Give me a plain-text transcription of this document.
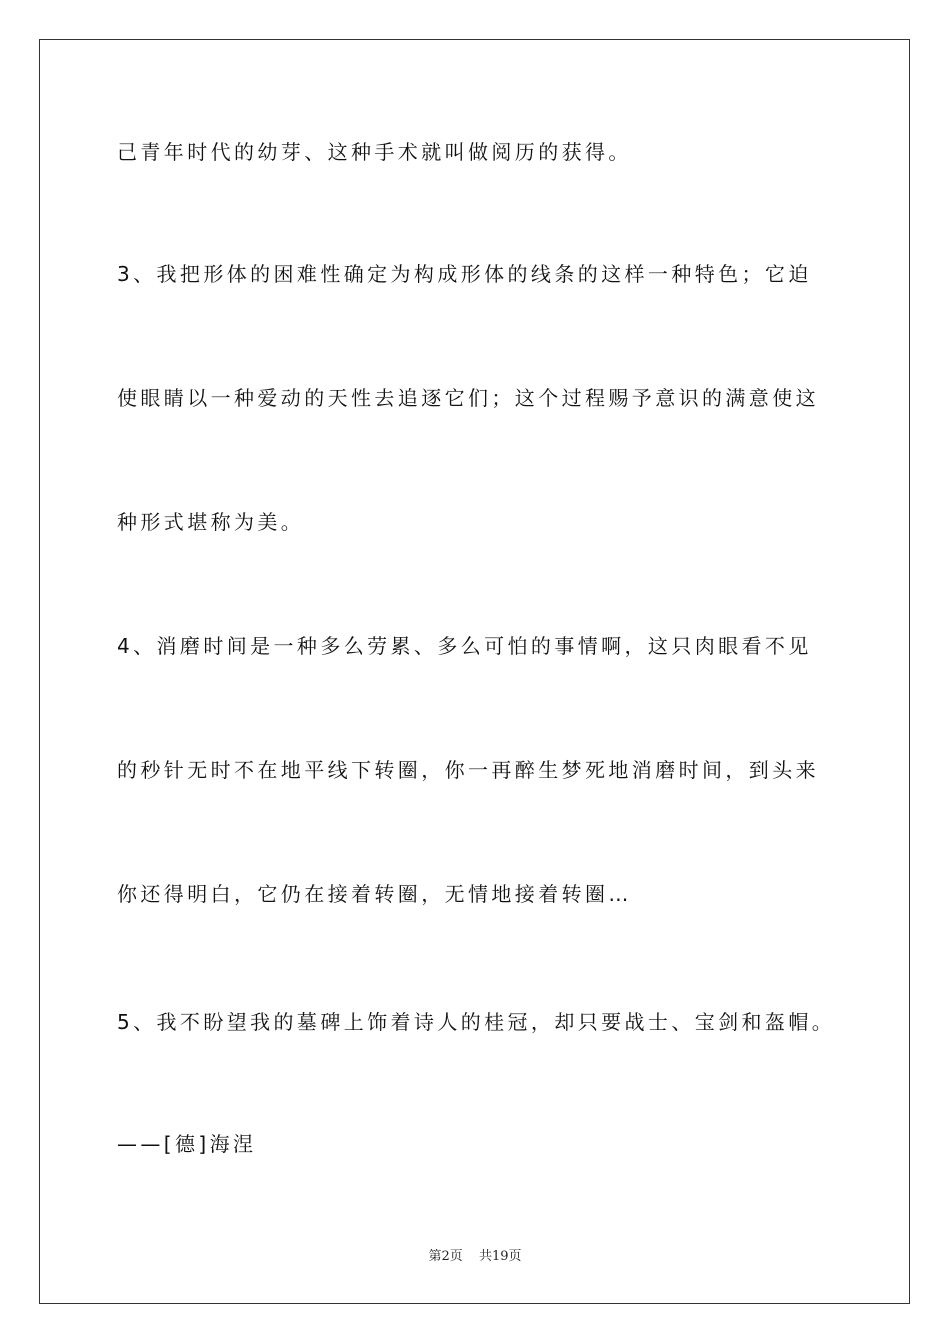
己青年时代的幼芽、这种手术就叫做阅历的获得。
3、我把形体的困难性确定为构成形体的线条的这样一种特色；它迫
使眼睛以一种爱动的天性去追逐它们；这个过程赐予意识的满意使这
种形式堪称为美。
4、消磨时间是一种多么劳累、多么可怕的事情啊，这只肉眼看不见
的秒针无时不在地平线下转圈，你一再醉生梦死地消磨时间，到头来
你还得明白，它仍在接着转圈，无情地接着转圈…
5、我不盼望我的墓碑上饰着诗人的桂冠，却只要战士、宝剑和盔帽。
——[德]海涅
第2页 共19页
